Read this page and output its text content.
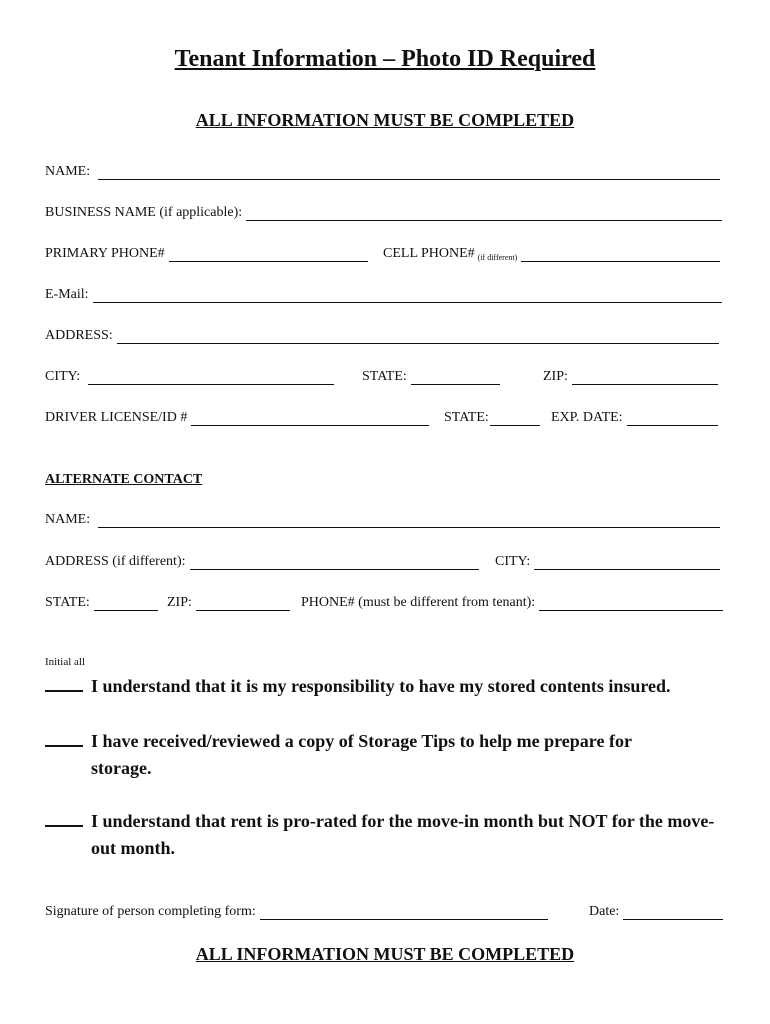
Tenant Information – Photo ID Required
ALL INFORMATION MUST BE COMPLETED
NAME:
BUSINESS NAME (if applicable):
PRIMARY PHONE#	CELL PHONE# (if different)
E-Mail:
ADDRESS:
CITY:	STATE:	ZIP:
DRIVER LICENSE/ID #	STATE:	EXP. DATE:
ALTERNATE CONTACT
NAME:
ADDRESS (if different):	CITY:
STATE:	ZIP:	PHONE# (must be different from tenant):
Initial all
I understand that it is my responsibility to have my stored contents insured.
I have received/reviewed a copy of Storage Tips to help me prepare for storage.
I understand that rent is pro-rated for the move-in month but NOT for the move-out month.
Signature of person completing form:	Date:
ALL INFORMATION MUST BE COMPLETED
